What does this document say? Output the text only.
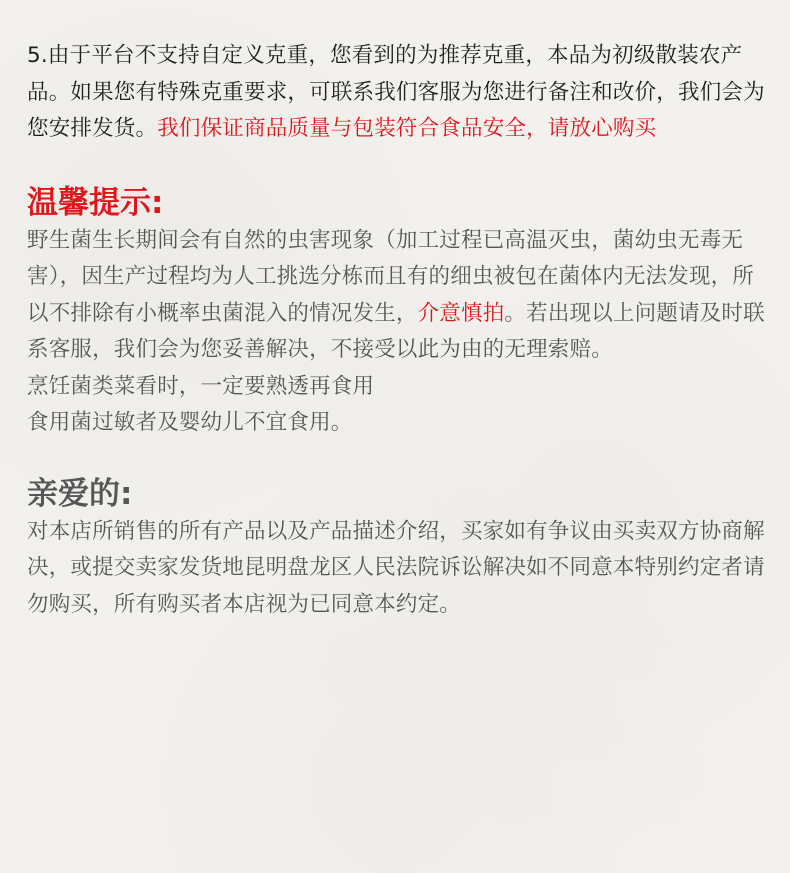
5.由于平台不支持自定义克重，您看到的为推荐克重，本品为初级散装农产品。如果您有特殊克重要求，可联系我们客服为您进行备注和改价，我们会为您安排发货。我们保证商品质量与包装符合食品安全，请放心购买

温馨提示:

野生菌生长期间会有自然的虫害现象（加工过程已高温灭虫，菌幼虫无毒无害），因生产过程均为人工挑选分栋而且有的细虫被包在菌体内无法发现，所以不排除有小概率虫菌混入的情况发生，介意慎拍。若出现以上问题请及时联系客服，我们会为您妥善解决，不接受以此为由的无理索赔。

烹饪菌类菜看时，一定要熟透再食用

食用菌过敏者及婴幼儿不宜食用。

亲爱的:

对本店所销售的所有产品以及产品描述介绍，买家如有争议由买卖双方协商解决，或提交卖家发货地昆明盘龙区人民法院诉讼解决如不同意本特别约定者请勿购买，所有购买者本店视为已同意本约定。
